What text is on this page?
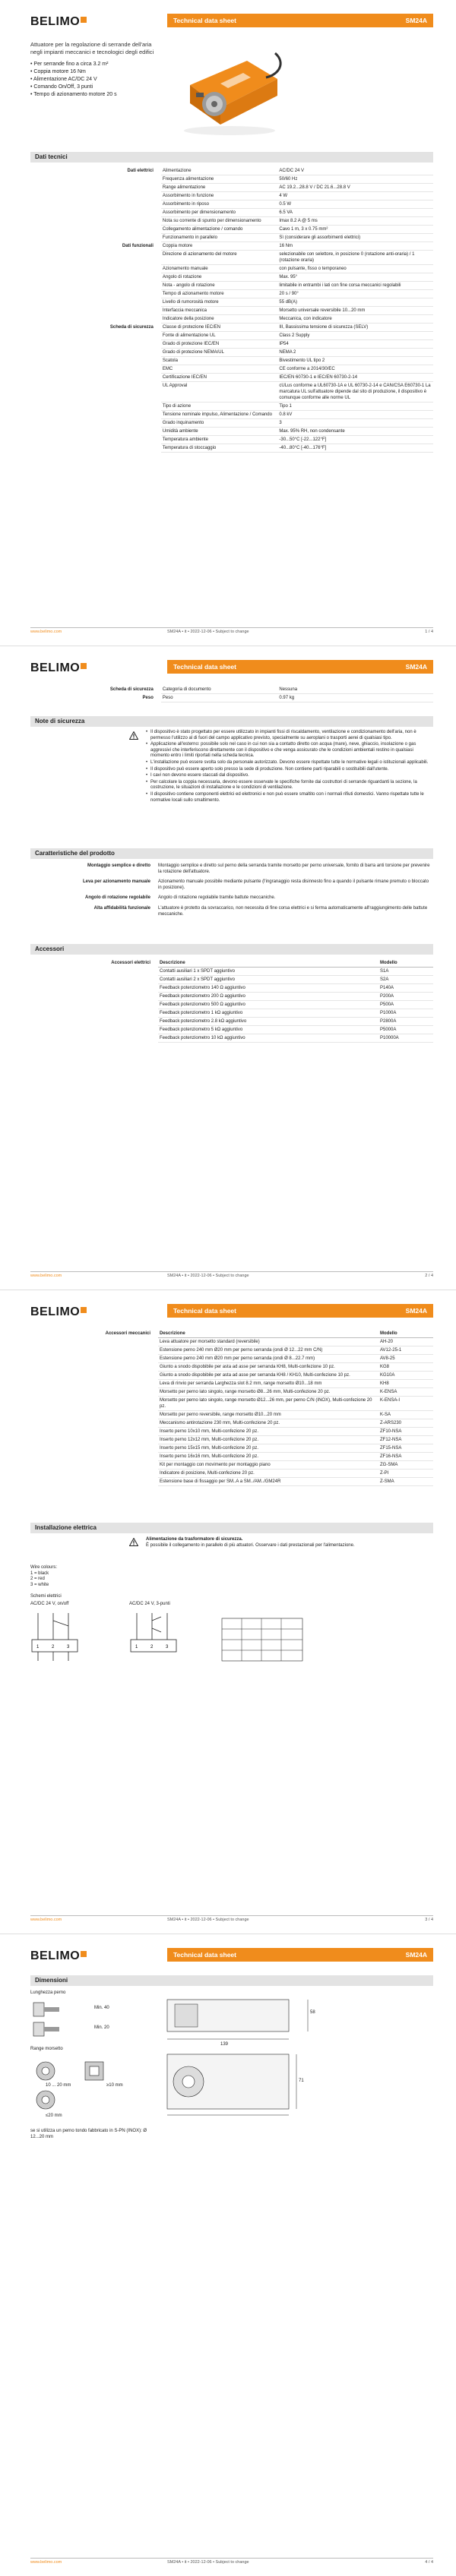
BELIMO	Technical data sheet	SM24A
Attuatore per la regolazione di serrande dell'aria negli impianti meccanici e tecnologici degli edifici
• Per serrande fino a circa 3.2 m²
• Coppia motore 16 Nm
• Alimentazione AC/DC 24 V
• Comando On/Off, 3 punti
• Tempo di azionamento motore 20 s
Dati tecnici
Dati elettrici	Alimentazione	AC/DC 24 V
	Frequenza alimentazione	50/60 Hz
	Range alimentazione	AC 19.2...28.8 V / DC 21.6...28.8 V
	Assorbimento in funzione	4 W
	Assorbimento in riposo	0.5 W
	Assorbimento per dimensionamento	6.5 VA
	Nota su corrente di spunto per dimensionamento	Imax 8.2 A @ 5 ms
	Collegamento alimentazione / comando	Cavo 1 m, 3 x 0.75 mm²
	Funzionamento in parallelo	Sì (considerare gli assorbimenti elettrici)
Dati funzionali	Coppia motore	16 Nm
	Direzione di azionamento del motore	selezionabile con selettore, in posizione 0 (rotazione anti-oraria) / 1 (rotazione oraria)
	Azionamento manuale	con pulsante, fisso o temporaneo
	Angolo di rotazione	Max. 95°
	Nota - angolo di rotazione	limitabile in entrambi i lati con fine corsa meccanici regolabili
	Tempo di azionamento motore	20 s / 90°
	Livello di rumorosità motore	55 dB(A)
	Interfaccia meccanica	Morsetto universale reversibile 10...20 mm
	Indicatore della posizione	Meccanica, con indicatore
Scheda di sicurezza	Classe di protezione IEC/EN	III, Bassissima tensione di sicurezza (SELV)
	Fonte di alimentazione UL	Class 2 Supply
	Grado di protezione IEC/EN	IP54
	Grado di protezione NEMA/UL	NEMA 2
	Scatola	Bivestimento UL tipo 2
	EMC	CE conforme a 2014/30/EC
	Certificazione IEC/EN	IEC/EN 60730-1 e IEC/EN 60730-2-14
	UL Approval	cULus conforme a UL60730-1A e UL 60730-2-14 e CAN/CSA E60730-1 La marcatura UL sull'attuatore dipende dal sito di produzione, il dispositivo è comunque conforme alle norme UL
	Tipo di azione	Tipo 1
	Tensione nominale impulso, Alimentazione / Comando	0.8 kV
	Grado inquinamento	3
	Umidità ambiente	Max. 95% RH, non condensante
	Temperatura ambiente	-30...50°C [-22...122°F]
	Temperatura di stoccaggio	-40...80°C [-40...176°F]
www.belimo.com	SM24A • it • 2022-12-06 • Subject to change	1 / 4
BELIMO	Technical data sheet	SM24A
Scheda di sicurezza	Categoria di documento	Nessuna
Peso	Peso	0.97 kg
Note di sicurezza
• Il dispositivo è stato progettato per essere utilizzato in impianti fissi di riscaldamento, ventilazione e condizionamento dell'aria, non è permesso l'utilizzo al di fuori del campo applicativo previsto, specialmente su aeroplani o trasporti aerei di qualsiasi tipo.
• Applicazione all'esterno: possibile solo nel caso in cui non sia a contatto diretto con acqua (mare), neve, ghiaccio, insolazione o gas aggressivi che interferiscono direttamente con il dispositivo e che venga assicurato che le condizioni ambientali restino in qualsiasi momento entro i limiti riportati nella scheda tecnica.
• L'installazione può essere svolta solo da personale autorizzato. Devono essere rispettate tutte le normative legali o istituzionali applicabili.
• Il dispositivo può essere aperto solo presso la sede di produzione. Non contiene parti riparabili o sostituibili dall'utente.
• I cavi non devono essere staccati dal dispositivo.
• Per calcolare la coppia necessaria, devono essere osservate le specifiche fornite dai costruttori di serrande riguardanti la sezione, la costruzione, le situazioni di installazione e le condizioni di ventilazione.
• Il dispositivo contiene componenti elettrici ed elettronici e non può essere smaltito con i normali rifiuti domestici. Vanno rispettate tutte le normative locali sullo smaltimento.
Caratteristiche del prodotto
Montaggio semplice e diretto	Montaggio semplice e diretto sul perno della serranda tramite morsetto per perno universale, fornito di barra anti torsione per prevenire la rotazione dell'attuatore.
Leva per azionamento manuale	Azionamento manuale possibile mediante pulsante (l'ingranaggio resta disinnesto fino a quando il pulsante rimane premuto o bloccato in posizione).
Angolo di rotazione regolabile	Angolo di rotazione regolabile tramite battute meccaniche.
Alta affidabilità funzionale	L'attuatore è protetto da sovraccarico, non necessita di fine corsa elettrici e si ferma automaticamente all'raggiungimento delle battute meccaniche.
Accessori
Accessori elettrici	Descrizione	Modello
	Contatti ausiliari 1 x SPDT aggiuntivo	S1A
	Contatti ausiliari 2 x SPDT aggiuntivo	S2A
	Feedback potenziometro 140 Ω aggiuntivo	P140A
	Feedback potenziometro 200 Ω aggiuntivo	P200A
	Feedback potenziometro 500 Ω aggiuntivo	P500A
	Feedback potenziometro 1 kΩ aggiuntivo	P1000A
	Feedback potenziometro 2.8 kΩ aggiuntivo	P2800A
	Feedback potenziometro 5 kΩ aggiuntivo	P5000A
	Feedback potenziometro 10 kΩ aggiuntivo	P10000A
www.belimo.com	SM24A • it • 2022-12-06 • Subject to change	2 / 4
BELIMO	Technical data sheet	SM24A
Accessori meccanici	Descrizione	Modello
	Leva attuatore per morsetto standard (reversibile)	AH-20
	Estensione perno 240 mm Ø20 mm per perno serranda (ondi Ø 12...22 mm C/N)	AV12-25-1
	Estensione perno 240 mm Ø20 mm per perno serranda (ondi Ø 8...22.7 mm)	AV8-25
	Giunto a snodo dispobibile per asta ad asse per serranda KH8, Multi-confezione 10 pz.	KG8
	Giunto a snodo dispobibile per asta ad asse per serranda KH8 / KH10, Multi-confezione 10 pz.	KG10A
	Leva di rinvio per serranda Larghezza slot 8.2 mm, range morsetto Ø10...18 mm	KH8
	Morsetto per perno lato singolo, range morsetto Ø8...26 mm, Multi-confezione 20 pz.	K-ENSA
	Morsetto per perno lato singolo, range morsetto Ø12...26 mm, per perno C/N (INOX), Multi-confezione 20 pz.	K-ENSA-I
	Morsetto per perno reversibile, range morsetto Ø10...20 mm	K-SA
	Meccanismo antirotazione 230 mm, Multi-confezione 20 pz.	Z-ARS230
	Inserto perno 10x10 mm, Multi-confezione 20 pz.	ZF10-NSA
	Inserto perno 12x12 mm, Multi-confezione 20 pz.	ZF12-NSA
	Inserto perno 15x15 mm, Multi-confezione 20 pz.	ZF15-NSA
	Inserto perno 16x16 mm, Multi-confezione 20 pz.	ZF16-NSA
	Kit per montaggio con movimento per montaggio piano	ZG-SMA
	Indicatore di posizione, Multi-confezione 20 pz.	Z-PI
	Estensione base di fissaggio per SM..A a SM../AM../GM24R	Z-SMA
Installazione elettrica
Alimentazione da trasformatore di sicurezza.
È possibile il collegamento in parallelo di più attuatori. Osservare i dati prestazionali per l'alimentazione.
Wire colours:
1 = black
2 = red
3 = white
Schemi elettrici
AC/DC 24 V, on/off	AC/DC 24 V, 3-punti
1	2	3	1	2	3
www.belimo.com	SM24A • it • 2022-12-06 • Subject to change	3 / 4
BELIMO	Technical data sheet	SM24A
Dimensioni
Lunghezza perno
Min. 40
Min. 20
Range morsetto
10 ... 20 mm	≥10 mm
≤20 mm
139
71
58
se si utilizza un perno tondo fabbricato in S-PN (INOX): Ø 12...20 mm
www.belimo.com	SM24A • it • 2022-12-06 • Subject to change	4 / 4
